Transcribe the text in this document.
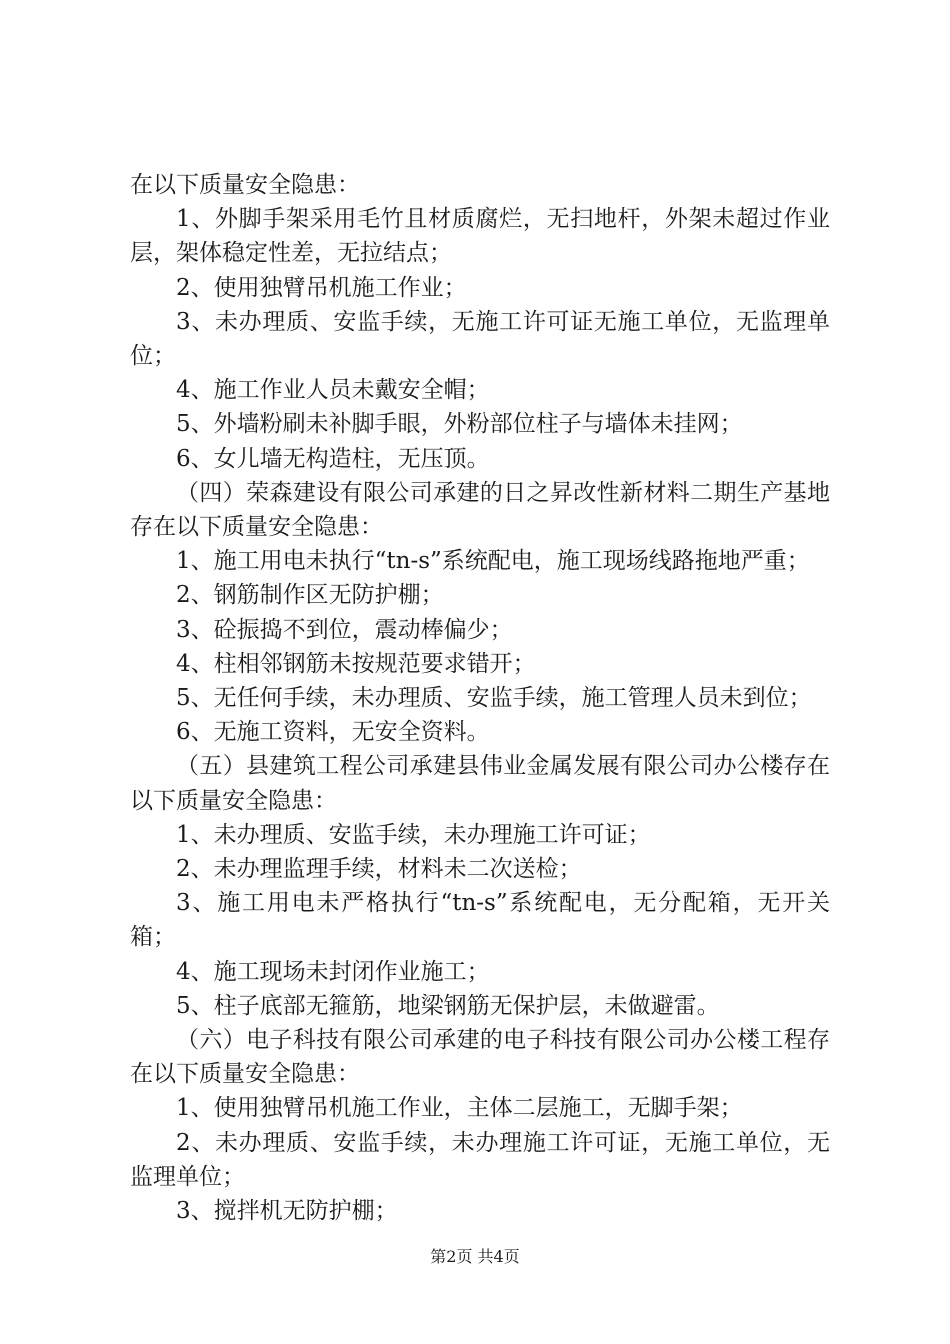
在以下质量安全隐患：

1、外脚手架采用毛竹且材质腐烂，无扫地杆，外架未超过作业层，架体稳定性差，无拉结点；

2、使用独臂吊机施工作业；

3、未办理质、安监手续，无施工许可证无施工单位，无监理单位；

4、施工作业人员未戴安全帽；

5、外墙粉刷未补脚手眼，外粉部位柱子与墙体未挂网；

6、女儿墙无构造柱，无压顶。

（四）荣森建设有限公司承建的日之昇改性新材料二期生产基地存在以下质量安全隐患：

1、施工用电未执行“tn-s”系统配电，施工现场线路拖地严重；

2、钢筋制作区无防护棚；

3、砼振捣不到位，震动棒偏少；

4、柱相邻钢筋未按规范要求错开；

5、无任何手续，未办理质、安监手续，施工管理人员未到位；

6、无施工资料，无安全资料。

（五）县建筑工程公司承建县伟业金属发展有限公司办公楼存在以下质量安全隐患：

1、未办理质、安监手续，未办理施工许可证；

2、未办理监理手续，材料未二次送检；

3、施工用电未严格执行“tn-s”系统配电，无分配箱，无开关箱；

4、施工现场未封闭作业施工；

5、柱子底部无箍筋，地梁钢筋无保护层，未做避雷。

（六）电子科技有限公司承建的电子科技有限公司办公楼工程存在以下质量安全隐患：

1、使用独臂吊机施工作业，主体二层施工，无脚手架；

2、未办理质、安监手续，未办理施工许可证，无施工单位，无监理单位；

3、搅拌机无防护棚；

第2页 共4页
